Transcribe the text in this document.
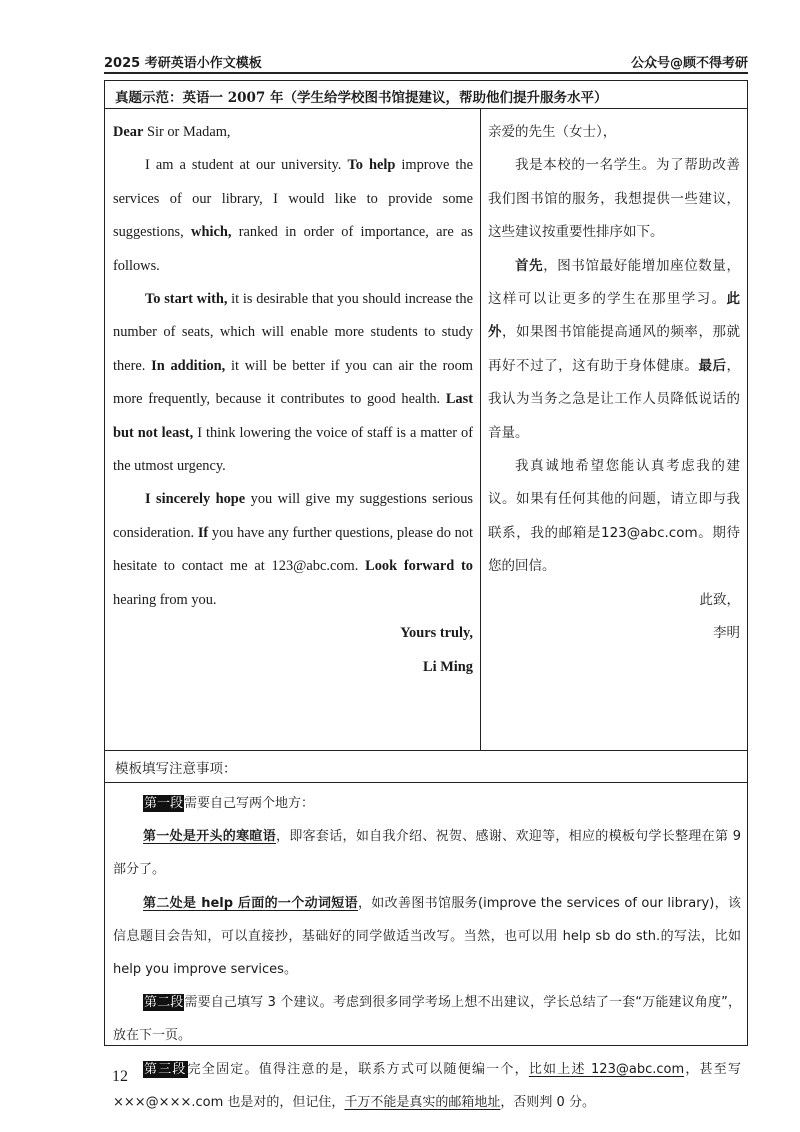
2025 考研英语小作文模板	公众号@顾不得考研
真题示范：英语一 2007 年（学生给学校图书馆提建议，帮助他们提升服务水平）

Dear Sir or Madam,

I am a student at our university. To help improve the services of our library, I would like to provide some suggestions, which, ranked in order of importance, are as follows.

To start with, it is desirable that you should increase the number of seats, which will enable more students to study there. In addition, it will be better if you can air the room more frequently, because it contributes to good health. Last but not least, I think lowering the voice of staff is a matter of the utmost urgency.

I sincerely hope you will give my suggestions serious consideration. If you have any further questions, please do not hesitate to contact me at 123@abc.com. Look forward to hearing from you.

Yours truly,

Li Ming

亲爱的先生（女士），

我是本校的一名学生。为了帮助改善我们图书馆的服务，我想提供一些建议，这些建议按重要性排序如下。

首先，图书馆最好能增加座位数量，这样可以让更多的学生在那里学习。此外，如果图书馆能提高通风的频率，那就再好不过了，这有助于身体健康。最后，我认为当务之急是让工作人员降低说话的音量。

我真诚地希望您能认真考虑我的建议。如果有任何其他的问题，请立即与我联系，我的邮箱是123@abc.com。期待您的回信。

此致，

李明

模板填写注意事项：

第一段需要自己写两个地方：

第一处是开头的寒暄语，即客套话，如自我介绍、祝贺、感谢、欢迎等，相应的模板句学长整理在第 9 部分了。

第二处是 help 后面的一个动词短语，如改善图书馆服务(improve the services of our library)，该信息题目会告知，可以直接抄，基础好的同学做适当改写。当然，也可以用 help sb do sth.的写法，比如 help you improve services。

第二段需要自己填写 3 个建议。考虑到很多同学考场上想不出建议，学长总结了一套“万能建议角度”，放在下一页。

第三段完全固定。值得注意的是，联系方式可以随便编一个，比如上述 123@abc.com，甚至写×××@×××.com 也是对的，但记住，千万不能是真实的邮箱地址，否则判 0 分。

12
